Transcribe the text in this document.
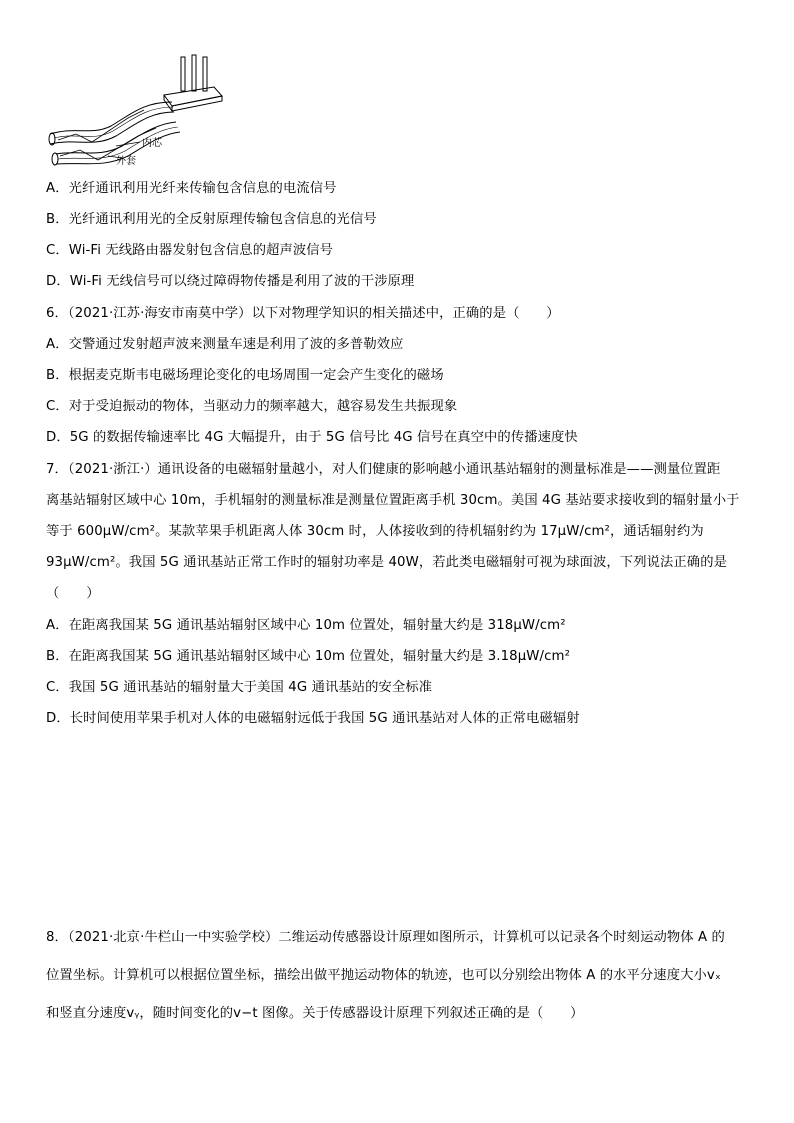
内芯
外套
A．光纤通讯利用光纤来传输包含信息的电流信号
B．光纤通讯利用光的全反射原理传输包含信息的光信号
C．Wi-Fi 无线路由器发射包含信息的超声波信号
D．Wi-Fi 无线信号可以绕过障碍物传播是利用了波的干涉原理
6．（2021·江苏·海安市南莫中学）以下对物理学知识的相关描述中，正确的是（　　）
A．交警通过发射超声波来测量车速是利用了波的多普勒效应
B．根据麦克斯韦电磁场理论变化的电场周围一定会产生变化的磁场
C．对于受迫振动的物体，当驱动力的频率越大，越容易发生共振现象
D．5G 的数据传输速率比 4G 大幅提升，由于 5G 信号比 4G 信号在真空中的传播速度快
7．（2021·浙江·）通讯设备的电磁辐射量越小，对人们健康的影响越小通讯基站辐射的测量标准是——测量位置距
离基站辐射区域中心 10m，手机辐射的测量标准是测量位置距离手机 30cm。美国 4G 基站要求接收到的辐射量小于
等于 600μW/cm²。某款苹果手机距离人体 30cm 时，人体接收到的待机辐射约为 17μW/cm²，通话辐射约为
93μW/cm²。我国 5G 通讯基站正常工作时的辐射功率是 40W，若此类电磁辐射可视为球面波，下列说法正确的是
（　　）
A．在距离我国某 5G 通讯基站辐射区域中心 10m 位置处，辐射量大约是 318μW/cm²
B．在距离我国某 5G 通讯基站辐射区域中心 10m 位置处，辐射量大约是 3.18μW/cm²
C．我国 5G 通讯基站的辐射量大于美国 4G 通讯基站的安全标准
D．长时间使用苹果手机对人体的电磁辐射远低于我国 5G 通讯基站对人体的正常电磁辐射
8．（2021·北京·牛栏山一中实验学校）二维运动传感器设计原理如图所示，计算机可以记录各个时刻运动物体 A 的
位置坐标。计算机可以根据位置坐标，描绘出做平抛运动物体的轨迹，也可以分别绘出物体 A 的水平分速度大小vₓ
和竖直分速度vᵧ，随时间变化的v−t 图像。关于传感器设计原理下列叙述正确的是（　　）
